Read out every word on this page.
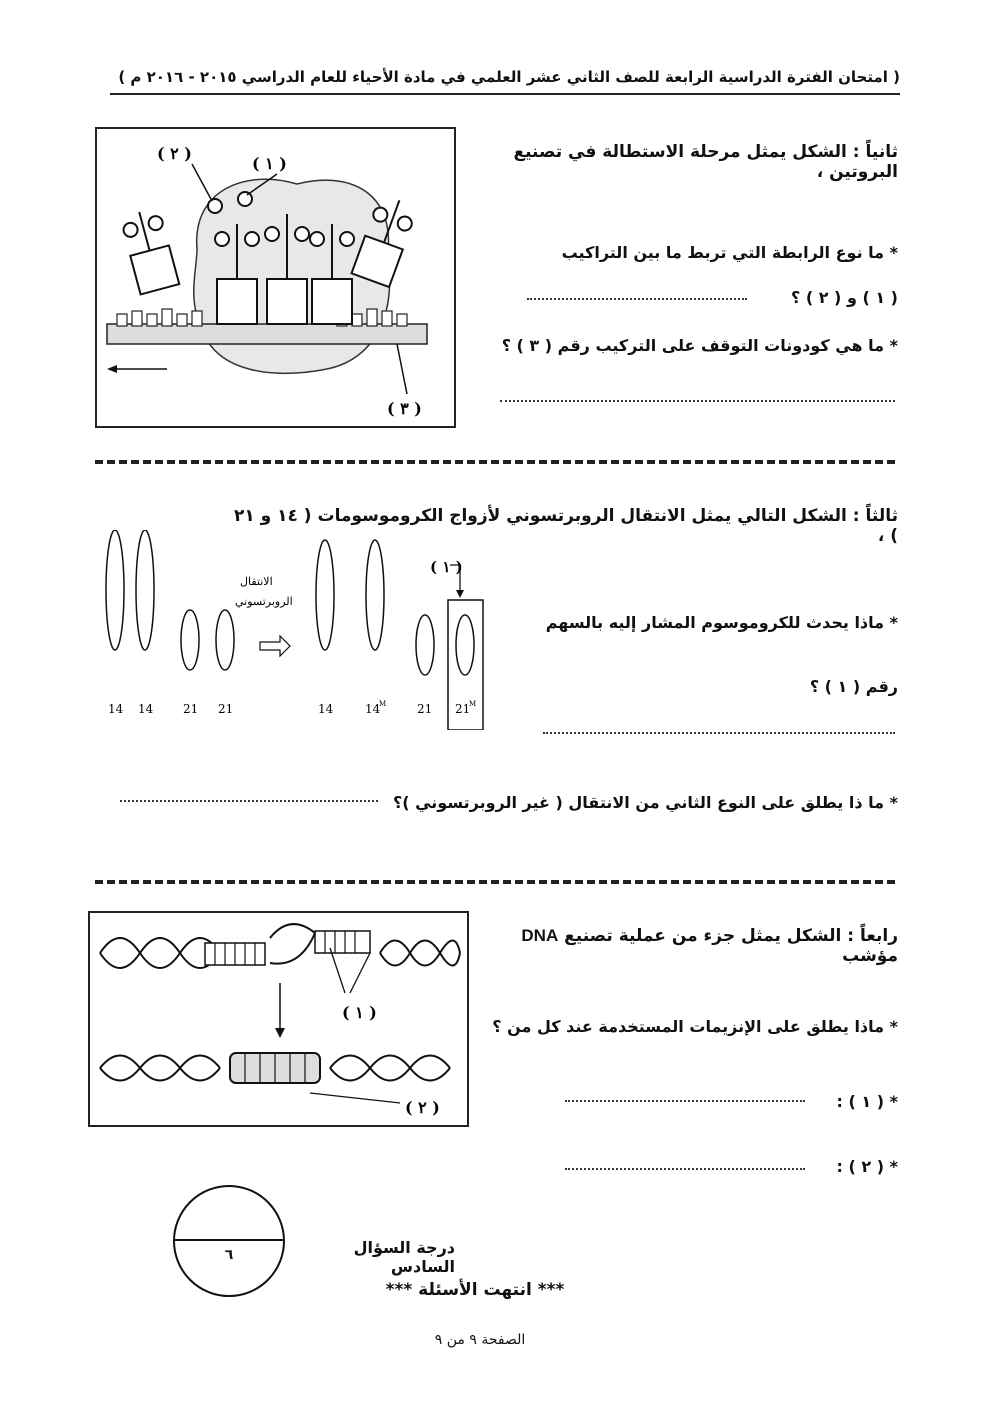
( امتحان الفترة الدراسية الرابعة للصف الثاني عشر العلمي في مادة الأحياء للعام الدراسي ٢٠١٥ - ٢٠١٦ م )
( ٢ )
( ١ )
( ٣ )
ثانياً : الشكل يمثل مرحلة الاستطالة في تصنيع البروتين ،
* ما نوع الرابطة التي تربط ما بين التراكيب
( ١ ) و ( ٢ ) ؟
* ما هي كودونات التوقف على التركيب رقم ( ٣ ) ؟
ثالثاً : الشكل التالي يمثل الانتقال الروبرتسوني لأزواج الكروموسومات ( ١٤ و ٢١ ) ،
( ١ )
الانتقال
الروبرتسوني
14 14 21 21	14	14
M	21 21
M
* ماذا يحدث للكروموسوم المشار إليه بالسهم
رقم ( ١ ) ؟
* ما ذا يطلق على النوع الثاني من الانتقال ( غير الروبرتسوني )؟
( ١ )
( ٢ )
رابعاً : الشكل يمثل جزء من عملية تصنيع DNA مؤشب
* ماذا يطلق على الإنزيمات المستخدمة عند كل من ؟
* ( ١ ) :
* ( ٢ ) :
٦	درجة السؤال السادس
*** انتهت الأسئلة ***
الصفحة ٩ من ٩
